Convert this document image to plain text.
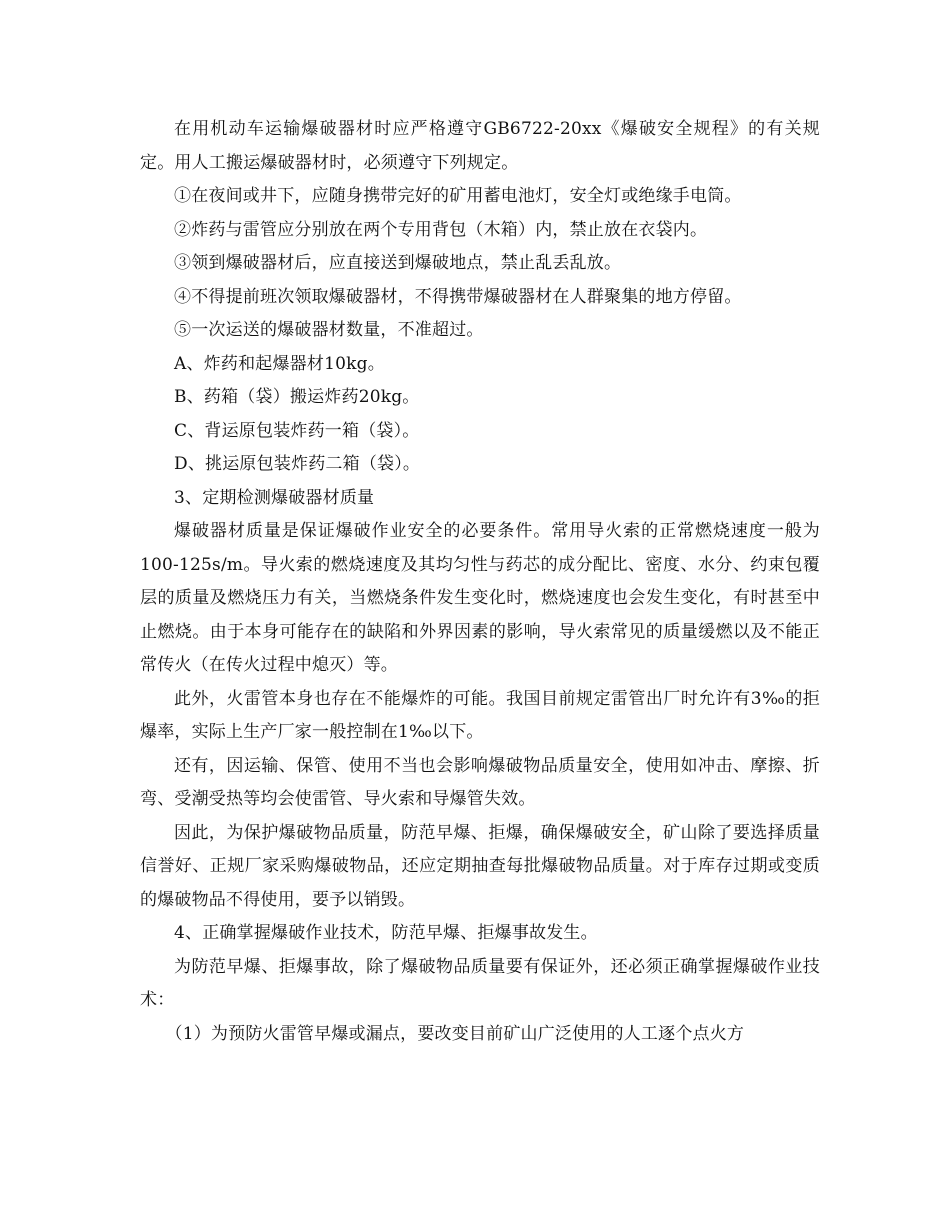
在用机动车运输爆破器材时应严格遵守GB6722-20xx《爆破安全规程》的有关规定。用人工搬运爆破器材时，必须遵守下列规定。

①在夜间或井下，应随身携带完好的矿用蓄电池灯，安全灯或绝缘手电筒。

②炸药与雷管应分别放在两个专用背包（木箱）内，禁止放在衣袋内。

③领到爆破器材后，应直接送到爆破地点，禁止乱丢乱放。

④不得提前班次领取爆破器材，不得携带爆破器材在人群聚集的地方停留。

⑤一次运送的爆破器材数量，不准超过。

A、炸药和起爆器材10kg。

B、药箱（袋）搬运炸药20kg。

C、背运原包装炸药一箱（袋）。

D、挑运原包装炸药二箱（袋）。

3、定期检测爆破器材质量

爆破器材质量是保证爆破作业安全的必要条件。常用导火索的正常燃烧速度一般为100-125s/m。导火索的燃烧速度及其均匀性与药芯的成分配比、密度、水分、约束包覆层的质量及燃烧压力有关，当燃烧条件发生变化时，燃烧速度也会发生变化，有时甚至中止燃烧。由于本身可能存在的缺陷和外界因素的影响，导火索常见的质量缓燃以及不能正常传火（在传火过程中熄灭）等。

此外，火雷管本身也存在不能爆炸的可能。我国目前规定雷管出厂时允许有3‰的拒爆率，实际上生产厂家一般控制在1‰以下。

还有，因运输、保管、使用不当也会影响爆破物品质量安全，使用如冲击、摩擦、折弯、受潮受热等均会使雷管、导火索和导爆管失效。

因此，为保护爆破物品质量，防范早爆、拒爆，确保爆破安全，矿山除了要选择质量信誉好、正规厂家采购爆破物品，还应定期抽查每批爆破物品质量。对于库存过期或变质的爆破物品不得使用，要予以销毁。

4、正确掌握爆破作业技术，防范早爆、拒爆事故发生。

为防范早爆、拒爆事故，除了爆破物品质量要有保证外，还必须正确掌握爆破作业技术：

（1）为预防火雷管早爆或漏点，要改变目前矿山广泛使用的人工逐个点火方
